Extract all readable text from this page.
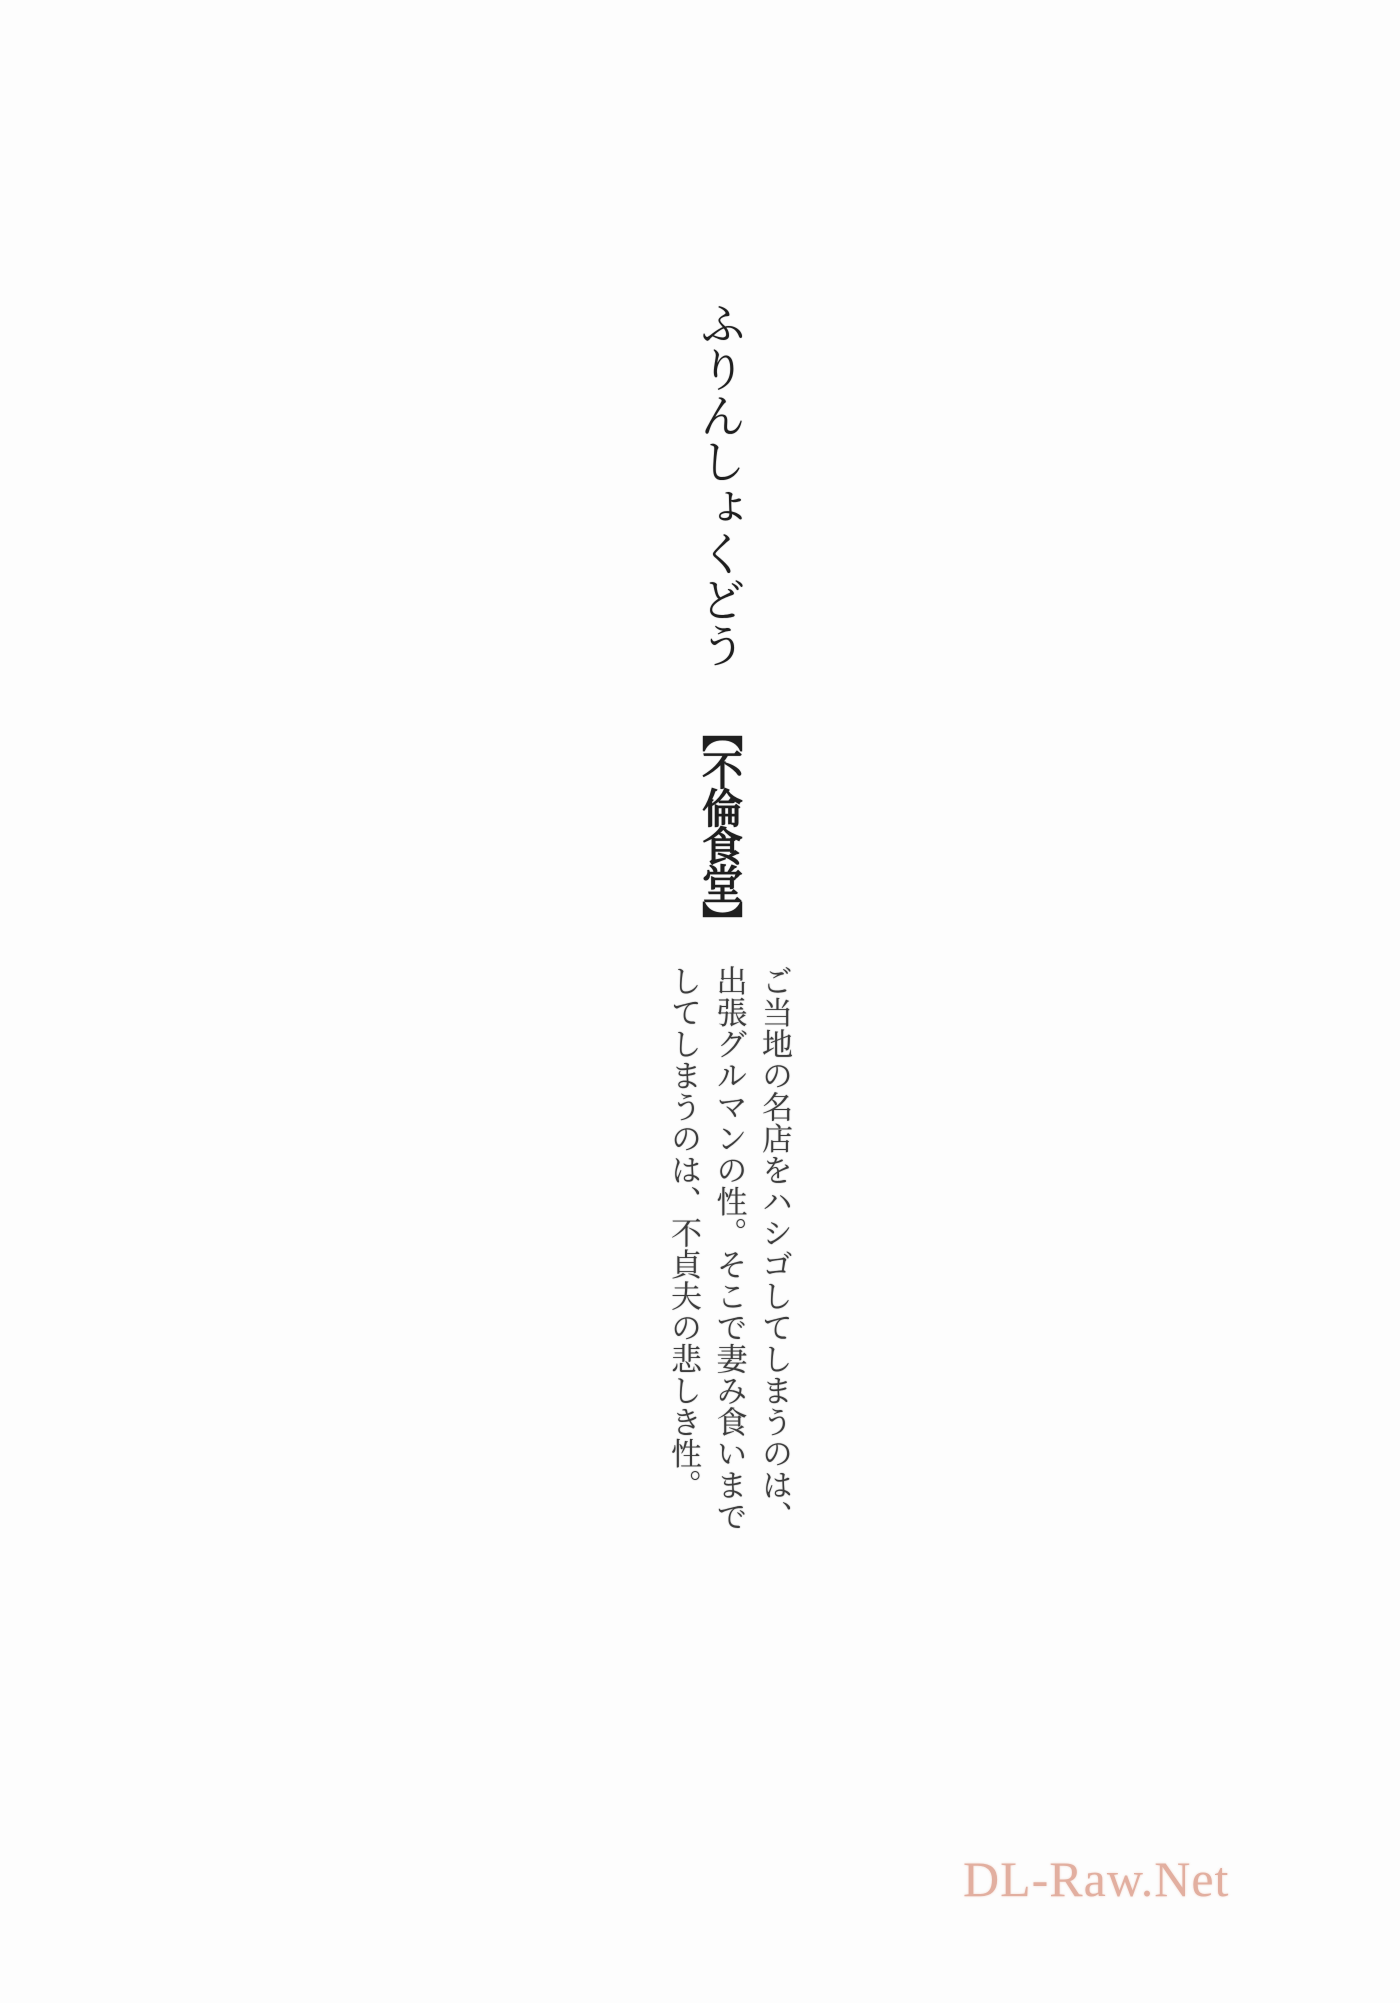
ふりんしょくどう 【不倫食堂】
ご当地の名店をハシゴしてしまうのは、
出張グルマンの性。そこで妻み食いまで
してしまうのは、不貞夫の悲しき性。
DL-Raw.Net
